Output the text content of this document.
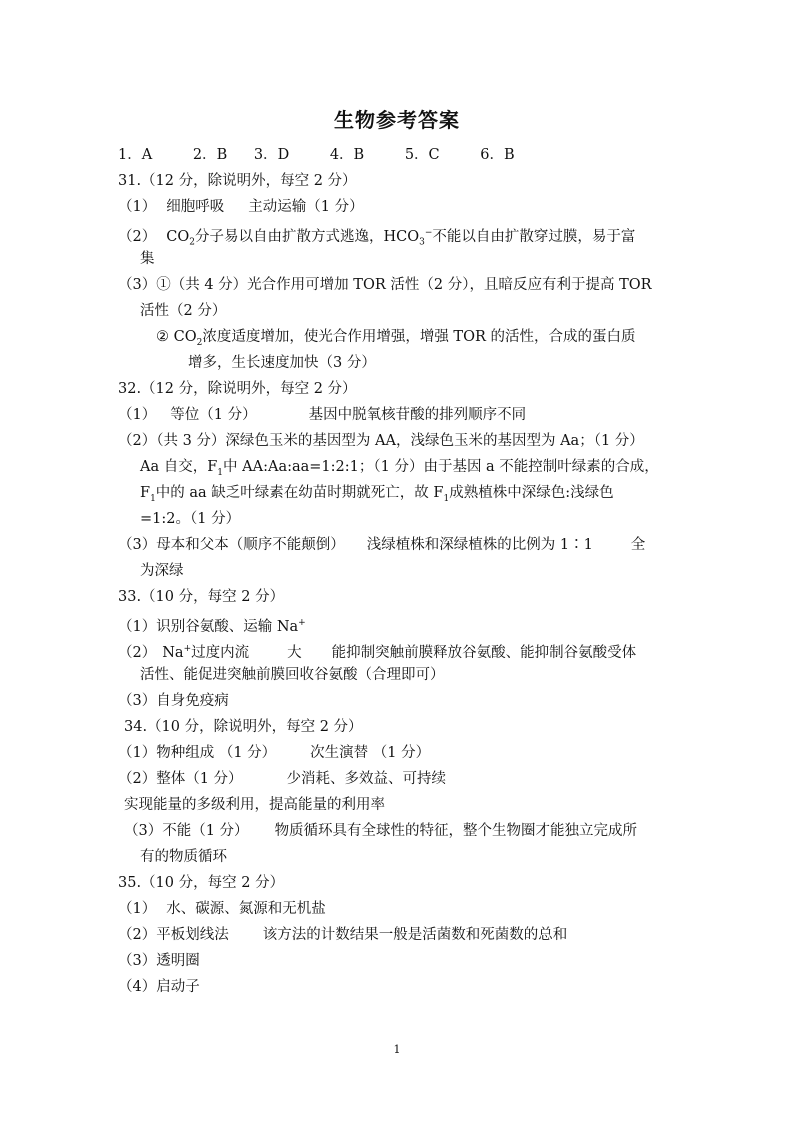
生物参考答案
1．A	2．B 3．D	4．B	5．C	6．B
31.（12 分，除说明外，每空 2 分）
（1） 细胞呼吸 主动运输（1 分）
（2） $CO_2$分子易以自由扩散方式逃逸，$HCO_3^-$不能以自由扩散穿过膜，易于富
集
（3）①（共 4 分）光合作用可增加 TOR 活性（2 分），且暗反应有利于提高 TOR
活性（2 分）
② $CO_2$浓度适度增加，使光合作用增强，增强 TOR 的活性，合成的蛋白质
增多，生长速度加快（3 分）
32.（12 分，除说明外，每空 2 分）
（1） 等位（1 分）	基因中脱氧核苷酸的排列顺序不同
（2）（共 3 分）深绿色玉米的基因型为 AA，浅绿色玉米的基因型为 Aa；（1 分）
Aa 自交，$F_1$中 AA:Aa:aa=1:2:1；（1 分）由于基因 a 不能控制叶绿素的合成，
$F_1$中的 aa 缺乏叶绿素在幼苗时期就死亡，故 $F_1$成熟植株中深绿色:浅绿色
=1:2。（1 分）
（3）母本和父本（顺序不能颠倒） 浅绿植株和深绿植株的比例为 1∶1	全
为深绿
33.（10 分，每空 2 分）
（1）识别谷氨酸、运输 Na+
（2） Na+过度内流	大 能抑制突触前膜释放谷氨酸、能抑制谷氨酸受体
活性、能促进突触前膜回收谷氨酸（合理即可）
（3）自身免疫病
34.（10 分，除说明外，每空 2 分）
（1）物种组成 （1 分） 次生演替 （1 分）
（2）整体（1 分）	少消耗、多效益、可持续
实现能量的多级利用，提高能量的利用率
（3）不能（1 分） 物质循环具有全球性的特征，整个生物圈才能独立完成所
有的物质循环
35.（10 分，每空 2 分）
（1） 水、碳源、氮源和无机盐
（2）平板划线法 该方法的计数结果一般是活菌数和死菌数的总和
（3）透明圈
（4）启动子
1
